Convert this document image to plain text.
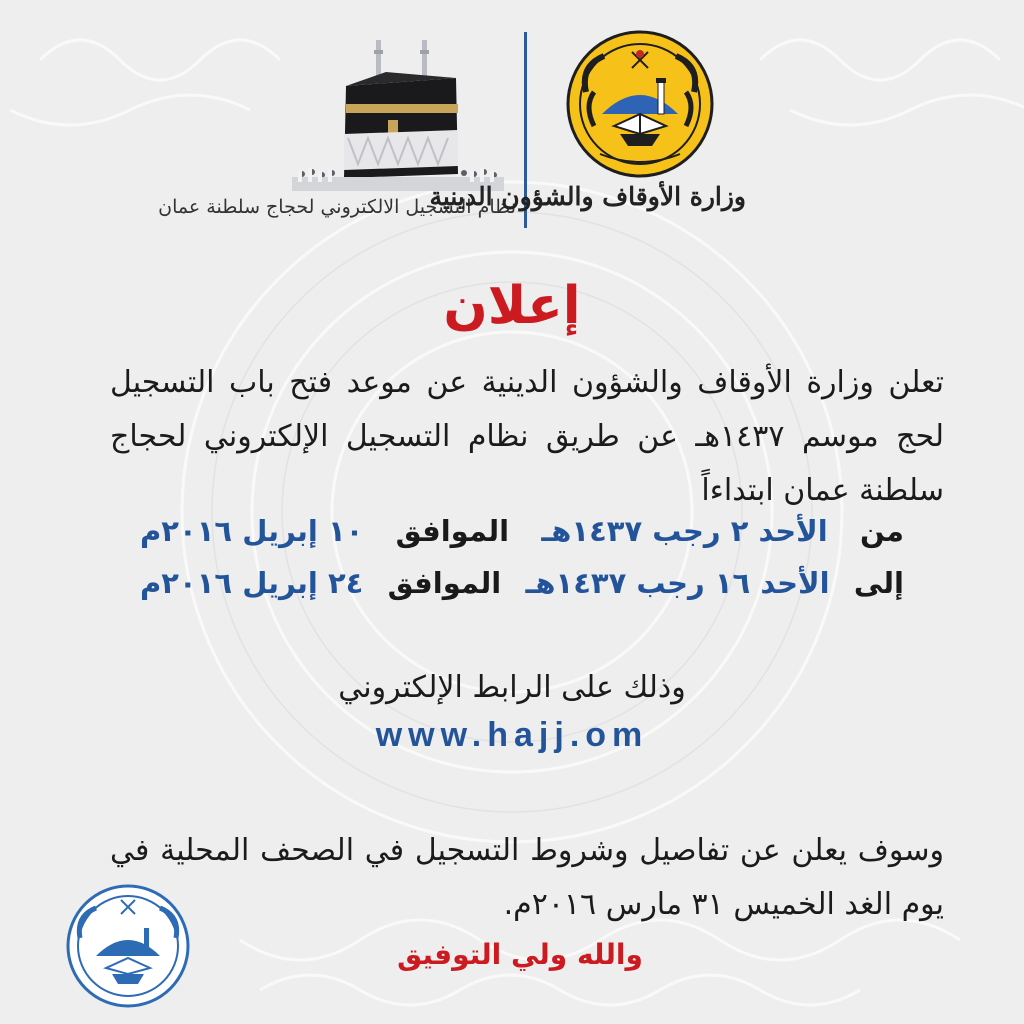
نظام التسجيل الالكتروني لحجاج سلطنة عمان
وزارة الأوقاف والشؤون الدينية
إعلان
تعلن وزارة الأوقاف والشؤون الدينية عن موعد فتح باب التسجيل لحج موسم ١٤٣٧هـ عن طريق نظام التسجيل الإلكتروني لحجاج سلطنة عمان ابتداءاً
من
الأحد ٢ رجب ١٤٣٧هـ
الموافق
١٠ إبريل ٢٠١٦م
إلى
الأحد ١٦ رجب ١٤٣٧هـ
الموافق
٢٤ إبريل ٢٠١٦م
وذلك على الرابط الإلكتروني
www.hajj.om
وسوف يعلن عن تفاصيل وشروط التسجيل في الصحف المحلية في يوم الغد الخميس ٣١ مارس ٢٠١٦م.
والله ولي التوفيق
